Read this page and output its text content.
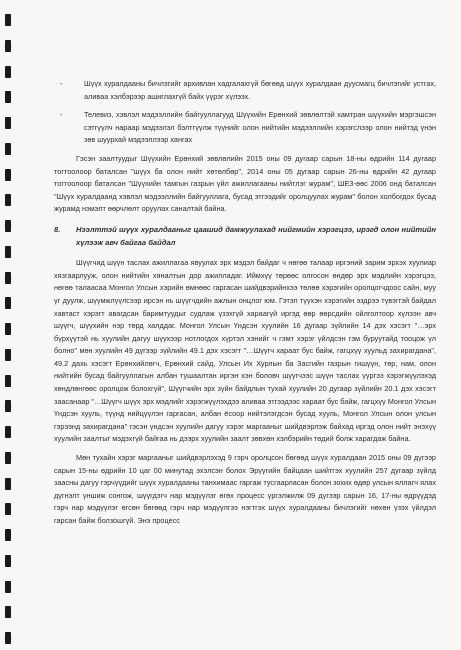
-	Шүүх хуралдааны бичлэгийг архивлан хадгалахгүй бөгөөд шүүх хуралдаан дуусмагц бичлэгийг устгах, аливаа хэлбэрээр ашиглахгүй байх үүрэг хүлээх.
-	Телевиз, хэвлэл мэдээллийн байгууллагууд Шүүхийн Ерөнхий зөвлөлтэй хамтран шүүхийн мэргэшсэн сэтгүүлч нараар мэдээлэл бэлтгүүлж түүнийг олон нийтийн мэдээллийн хэрэгслээр олон нийтэд үнэн зөв шуурхай мэдээллээр хангах

Гэсэн заалтуудыг Шүүхийн Ерөнхий зөвлөлийн 2015 оны 09 дугаар сарын 18-ны өдрийн 114 дугаар тогтоолоор баталсан "шүүх ба олон нийт хөтөлбөр", 2014 оны 05 дугаар сарын 26-ны өдрийн 42 дугаар тогтоолоор баталсан "Шүүхийн тамгын газрын үйл ажиллагааны нийтлэг журам", ШЕЗ-өөс 2006 онд баталсан "Шүүх хуралдаанд хэвлэл мэдээллийн байгууллага, бусад этгээдийг оролцуулах журам" болон холбогдох бусад журамд нэмэлт өөрчлөлт оруулах саналтай байна.

8.	Нээлттэй шүүх хуралдааныг цаашид дамжуулахад нийгмийн хэрэгцээ, ирэгд олон нийтийн хүлээж авч байгаа байдал

Шүүгчид шүүн таслах ажиллагаа явуулах эрх мэдэл байдаг ч нөгөө талаар иргэний зарим эрхэх хуулиар хязгаарлууж, олон нийтийн хяналтын дор ажилладаг. Иймхүү төрөөс олгосон өндөр эрх мэдлийн хэрэгцээ, нөгөө талаасаа Монгол Улсын хэрийн өмнөөс гаргасан шийдвэрийнхээ төлөө хэрэгийн оролцогчдоос сайн, муу үг дуулж, шүүмжлүүлсээр ирсэн нь шүүгчдийн ажлын онцлог юм. Гэтэл түүхэн хэрэгийн эздрээ түвэггэй байдал хавтаст хэрэгт авагдсан баримтуудыг судлаж үзэхгүй хараагүй иргэд өөр өөрсдийн ойлголтоор хүлээн авч шүүгч, шүүхийн нэр төрд халддаг. Монгол Улсын Үндсэн хуулийн 16 дугаар зүйлийн 14 дэх хэсэгт "…эрх бүрхүүтэй нь хуулийн дагуу шүүхээр нотлогдох хүртэл хэнийг ч гэмт хэрэг үйлдсэн гэм буруутайд тооцож үл болно" мөн хуулийн 49 дүгээр зүйлийн 49.1 дэх хэсэгт "…Шүүгч хараат бус байж, гагцхүү хуульд захирагдана", 49.2 дахь хэсэгт Ерөнхийлөгч, Ерөнхий сайд, Улсын Их Хурлын ба Засгийн газрын гишүүн, төр, нам, олон нийтийн бусад байгууллагын албан тушаалтан иргэн хэн боловч шүүгчээс шүүн таслах үүргээ хэрэгжүүлэхэд хөндлөнгөөс оролцож болохгүй", Шүүгчийн эрх зүйн байдлын тухай хуулийн 20 дугаар зүйлийн 20.1 дэх хэсэгт заасанаар "…Шүүгч шүүх эрх мэдлийг хэрэгжүүлэхдээ аливаа этгээдээс хараат бус байж, гагцхүү Монгол Улсын Үндсэн хууль, түүнд нийцүүлэн гаргасан, албан ёсоор нийтэлэгдсэн бусад хууль, Монгол Улсын олон улсын гэрээнд захирагдана" гэсэн үндсэн хуулийн дагуу хэрэг маргааныг шийдвэрлэж байхад иргэд олон нийт энэхүү хуулийн заалтыг мэдэхгүй байгаа нь дээрх хуулийн заалт зөвхөн хэлбэрийн төдий болж харагдаж байна.

Мөн тухайн хэрэг маргааныг шийдвэрлэхэд 9 гэрч оролцсон бөгөөд шүүх хуралдаан 2015 оны 09 дүгээр сарын 15-ны өдрийн 10 цаг 00 минутад эхэлсэн болох Эрүүгийн байцаан шийтгэх хуулийн 257 дугаар зүйлд заасны дагуу гэрчүүдийг шүүх хуралдааны танхимаас гаргаж тусгаарласан болон зохих өдөр улсын яллагч ялах дүгнэлт үншиж сонгож, шүүгдэгч нар мэдүүлэг өгөх процесс үргэлжилж 09 дүгээр сарын 16, 17-ны өдрүүдэд гэрч нар мэдүүлэг өгсөн бөгөөд гэрч нар мэдүүлгээ нэгтгэх шүүх хуралдааны бичлэгийг нөхөн үзэх үйлдэл гарсан байж болзошгүй. Энэ процесс
